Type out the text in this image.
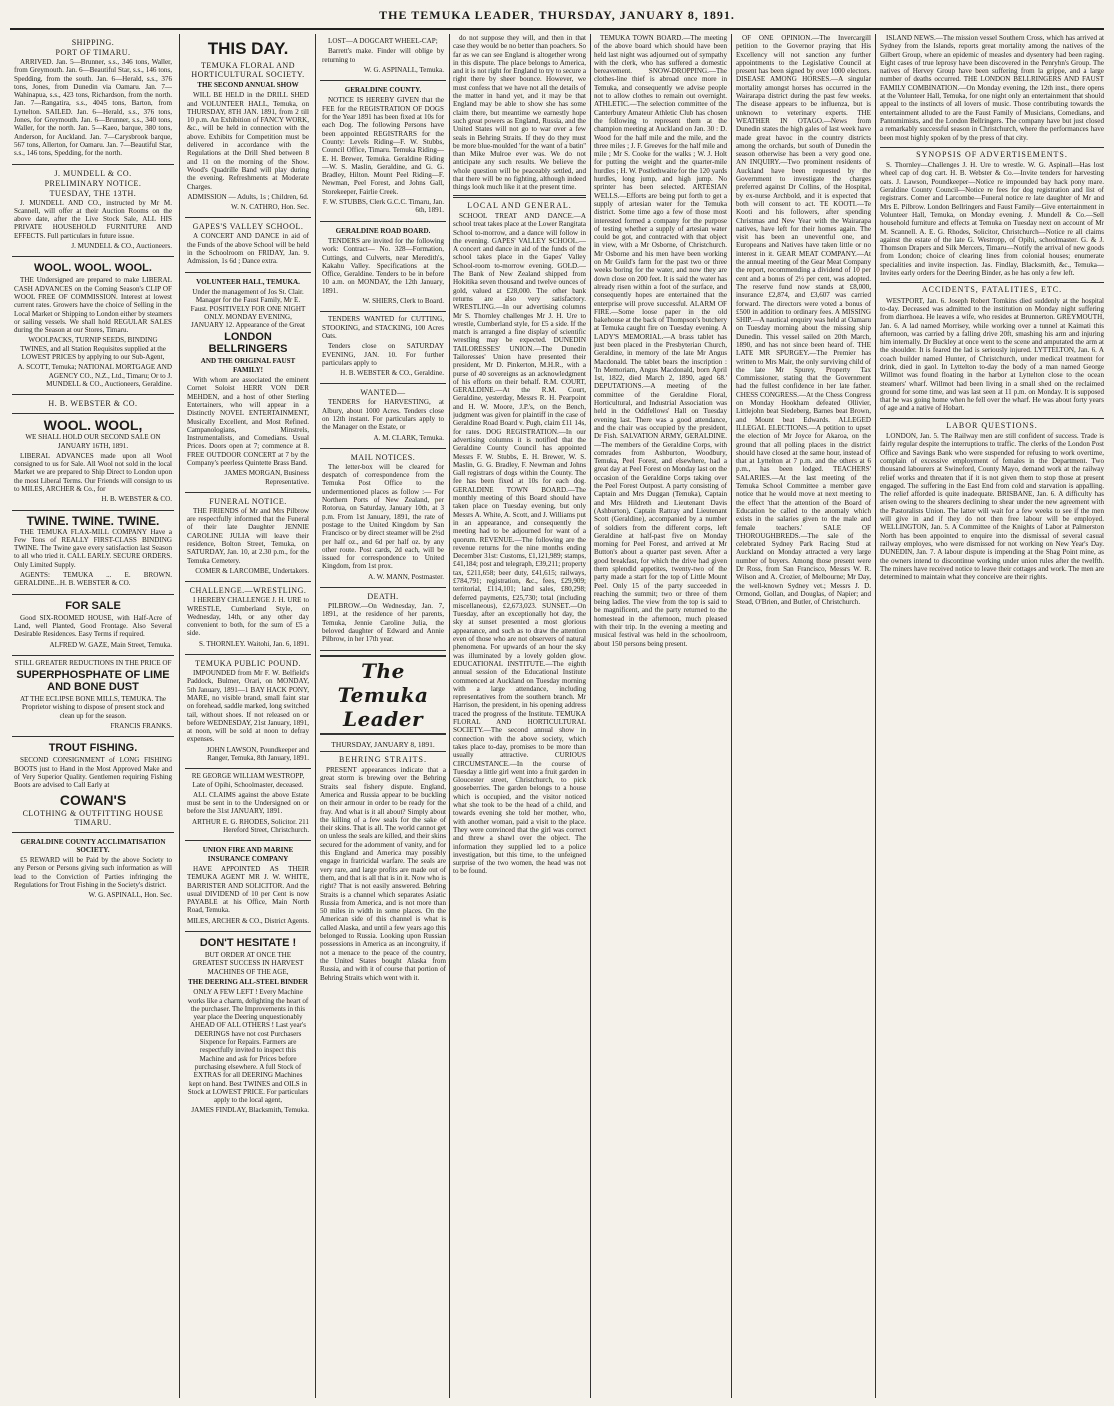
THE TEMUKA LEADER, THURSDAY, JANUARY 8, 1891.
SHIPPING.
PORT OF TIMARU.

ARRIVED. Jan. 5—Brunner, s.s., 346 tons, Waller, from Greymouth. Jan. 6—Beautiful Star, s.s., 146 tons, Spedding, from the south. Jan. 6—Herald, s.s., 376 tons, Jones, from Dunedin via Oamaru. Jan. 7—Wahinapua, s.s., 423 tons, Richardson, from the north. Jan. 7—Rangatira, s.s., 4045 tons, Barton, from Lyttelton. SAILED. Jan. 6—Herald, s.s., 376 tons, Jones, for Greymouth. Jan. 6—Brunner, s.s., 340 tons, Waller, for the north. Jan. 5—Kaeo, barque, 380 tons, Anderson, for Auckland. Jan. 7—Carysbrook barque, 567 tons, Allerton, for Oamaru. Jan. 7—Beautiful Star, s.s., 146 tons, Spedding, for the north.

J. MUNDELL & CO.
PRELIMINARY NOTICE.
TUESDAY, THE 13TH.

J. MUNDELL AND CO., instructed by Mr M. Scannell, will offer at their Auction Rooms on the above date, after the Live Stock Sale, ALL HIS PRIVATE HOUSEHOLD FURNITURE AND EFFECTS. Full particulars in future issue.

J. MUNDELL & CO., Auctioneers.

WOOL. WOOL. WOOL.

THE Undersigned are prepared to make LIBERAL CASH ADVANCES on the Coming Season's CLIP OF WOOL FREE OF COMMISSION. Interest at lowest current rates. Growers have the choice of Selling in the Local Market or Shipping to London either by steamers or sailing vessels. We shall hold REGULAR SALES during the Season at our Stores, Timaru.

WOOLPACKS, TURNIP SEEDS, BINDING TWINES, and all Station Requisites supplied at the LOWEST PRICES by applying to our Sub-Agent,

A. SCOTT, Temuka; NATIONAL MORTGAGE AND AGENCY CO., N.Z., Ltd., Timaru; Or to J. MUNDELL & CO., Auctioneers, Geraldine.

H. B. WEBSTER & CO.
WOOL. WOOL,

WE SHALL HOLD OUR SECOND SALE ON JANUARY 16TH, 1891.

LIBERAL ADVANCES made upon all Wool consigned to us for Sale. All Wool not sold in the local Market we are prepared to Ship Direct to London upon the most Liberal Terms. Our Friends will consign to us to MILES, ARCHER & Co., for

H. B. WEBSTER & CO.

TWINE. TWINE. TWINE.

THE TEMUKA FLAX-MILL COMPANY Have a Few Tons of REALLY FIRST-CLASS BINDING TWINE. The Twine gave every satisfaction last Season to all who tried it. CALL EARLY. SECURE ORDERS. Only Limited Supply.

AGENTS: TEMUKA ... E. BROWN. GERALDINE...H. B. WEBSTER & CO.

FOR SALE

Good SIX-ROOMED HOUSE, with Half-Acre of Land, well Planted, Good Frontage. Also Several Desirable Residences. Easy Terms if required.

ALFRED W. GAZE, Main Street, Temuka.

STILL GREATER REDUCTIONS IN THE PRICE OF

SUPERPHOSPHATE OF LIME AND BONE DUST

AT THE ECLIPSE BONE MILLS, TEMUKA. The Proprietor wishing to dispose of present stock and clean up for the season.

FRANCIS FRANKS.

TROUT FISHING.

SECOND CONSIGNMENT of LONG FISHING BOOTS just to Hand in the Most Approved Make and of Very Superior Quality. Gentlemen requiring Fishing Boots are advised to Call Early at

COWAN'S
CLOTHING & OUTFITTING HOUSE TIMARU.
GERALDINE COUNTY ACCLIMATISATION SOCIETY.

£5 REWARD will be Paid by the above Society to any Person or Persons giving such information as will lead to the Conviction of Parties infringing the Regulations for Trout Fishing in the Society's district.

W. G. ASPINALL, Hon. Sec.

THIS DAY.
TEMUKA FLORAL AND HORTICULTURAL SOCIETY.
THE SECOND ANNUAL SHOW

WILL BE HELD in the DRILL SHED and VOLUNTEER HALL, Temuka, on THURSDAY, 8TH JAN. 1891, from 2 till 10 p.m. An Exhibition of FANCY WORK, &c., will be held in connection with the above. Exhibits for Competition must be delivered in accordance with the Regulations at the Drill Shed between 8 and 11 on the morning of the Show. Wood's Quadrille Band will play during the evening. Refreshments at Moderate Charges.

ADMISSION — Adults, 1s ; Children, 6d.

W. N. CATHRO, Hon. Sec.

GAPES'S VALLEY SCHOOL.

A CONCERT AND DANCE in aid of the Funds of the above School will be held in the Schoolroom on FRIDAY, Jan. 9. Admission, 1s 6d ; Dance extra.

VOLUNTEER HALL, TEMUKA.

Under the management of Jos St. Clair. Manager for the Faust Family, Mr E. Faust. POSITIVELY FOR ONE NIGHT ONLY. MONDAY EVENING, JANUARY 12. Appearance of the Great

LONDON BELLRINGERS
AND THE ORIGINAL FAUST FAMILY!

With whom are associated the eminent Cornet Soloist HERR VON DER MEHDEN, and a host of other Sterling Entertainers, who will appear in a Distinctly NOVEL ENTERTAINMENT, Musically Excellent, and Most Refined. Campanologians, Minstrels, Instrumentalists, and Comedians. Usual Prices. Doors open at 7; commence at 8. FREE OUTDOOR CONCERT at 7 by the Company's peerless Quintette Brass Band.

JAMES MORGAN, Business Representative.

FUNERAL NOTICE.

THE FRIENDS of Mr and Mrs Pilbrow are respectfully informed that the Funeral of their late Daughter JENNIE CAROLINE JULIA will leave their residence, Bolton Street, Temuka, on SATURDAY, Jan. 10, at 2.30 p.m., for the Temuka Cemetery.

COMER & LARCOMBE, Undertakers.

CHALLENGE.—WRESTLING.

I HEREBY CHALLENGE J. H. URE to WRESTLE, Cumberland Style, on Wednesday, 14th, or any other day convenient to both, for the sum of £5 a side.

S. THORNLEY. Waitohi, Jan. 6, 1891.

TEMUKA PUBLIC POUND.

IMPOUNDED from Mr F. W. Belfield's Paddock, Bulmer, Orari, on MONDAY, 5th January, 1891—1 BAY HACK PONY, MARE, no visible brand, small faint star on forehead, saddle marked, long switched tail, without shoes. If not released on or before WEDNESDAY, 21st January, 1891, at noon, will be sold at noon to defray expenses.

JOHN LAWSON, Poundkeeper and Ranger, Temuka, 8th January, 1891.

RE GEORGE WILLIAM WESTROPP, Late of Opihi, Schoolmaster, deceased.

ALL CLAIMS against the above Estate must be sent in to the Undersigned on or before the 31st JANUARY, 1891.

ARTHUR E. G. RHODES, Solicitor. 211 Hereford Street, Christchurch.

UNION FIRE AND MARINE INSURANCE COMPANY

HAVE APPOINTED AS THEIR TEMUKA AGENT MR J. W. WHITE, BARRISTER AND SOLICITOR. And the usual DIVIDEND of 10 per Cent is now PAYABLE at his Office, Main North Road, Temuka.

MILES, ARCHER & CO., District Agents.

DON'T HESITATE !

BUT ORDER AT ONCE THE GREATEST SUCCESS IN HARVEST MACHINES OF THE AGE,

THE DEERING ALL-STEEL BINDER

ONLY A FEW LEFT ! Every Machine works like a charm, delighting the heart of the purchaser. The Improvements in this year place the Deering unquestionably AHEAD OF ALL OTHERS ! Last year's DEERINGS have not cost Purchasers Sixpence for Repairs. Farmers are respectfully invited to inspect this Machine and ask for Prices before purchasing elsewhere. A full Stock of EXTRAS for all DEERING Machines kept on hand. Best TWINES and OILS in Stock at LOWEST PRICE. For particulars apply to the local agent,

JAMES FINDLAY, Blacksmith, Temuka.

LOST—A DOGCART WHEEL-CAP;

Barrett's make. Finder will oblige by returning to

W. G. ASPINALL, Temuka.

GERALDINE COUNTY.

NOTICE IS HEREBY GIVEN that the FEE for the REGISTRATION OF DOGS for the Year 1891 has been fixed at 10s for each Dog. The following Persons have been appointed REGISTRARS for the County: Levels Riding—F. W. Stubbs, Council Office, Timaru. Temuka Riding—E. H. Brewer, Temuka. Geraldine Riding—W. S. Maslin, Geraldine, and G. G. Bradley, Hilton. Mount Peel Riding—F. Newman, Peel Forest, and Johns Gall, Storekeeper, Fairlie Creek.

F. W. STUBBS, Clerk G.C.C. Timaru, Jan. 6th, 1891.

GERALDINE ROAD BOARD.

TENDERS are invited for the following work: Contract— No. 328—Formation, Cuttings, and Culverts, near Meredith's, Kakahu Valley. Specifications at the Office, Geraldine. Tenders to be in before 10 a.m. on MONDAY, the 12th January, 1891.

W. SHIERS, Clerk to Board.

TENDERS WANTED for CUTTING, STOOKING, and STACKING, 100 Acres Oats.

Tenders close on SATURDAY EVENING, JAN. 10. For further particulars apply to

H. B. WEBSTER & CO., Geraldine.

WANTED—

TENDERS for HARVESTING, at Albury, about 1000 Acres. Tenders close on 12th instant. For particulars apply to the Manager on the Estate, or

A. M. CLARK, Temuka.

MAIL NOTICES.

The letter-box will be cleared for despatch of correspondence from the Temuka Post Office to the undermentioned places as follow :— For Northern Ports of New Zealand, per Rotorua, on Saturday, January 10th, at 3 p.m. From 1st January, 1891, the rate of postage to the United Kingdom by San Francisco or by direct steamer will be 2½d per half oz., and 6d per half oz. by any other route. Post cards, 2d each, will be issued for correspondence to United Kingdom, from 1st prox.

A. W. MANN, Postmaster.

DEATH.

PILBROW.—On Wednesday, Jan. 7, 1891, at the residence of her parents, Temuka, Jennie Caroline Julia, the beloved daughter of Edward and Annie Pilbrow, in her 17th year.

The Temuka Leader
THURSDAY, JANUARY 8, 1891.
BEHRING STRAITS.

PRESENT appearances indicate that a great storm is brewing over the Behring Straits seal fishery dispute. England, America and Russia appear to be buckling on their armour in order to be ready for the fray. And what is it all about? Simply about the killing of a few seals for the sake of their skins. That is all. The world cannot get on unless the seals are killed, and their skins secured for the adornment of vanity, and for this England and America may possibly engage in fratricidal warfare. The seals are very rare, and large profits are made out of them, and that is all that is in it. Now who is right? That is not easily answered. Behring Straits is a channel which separates Asiatic Russia from America, and is not more than 50 miles in width in some places. On the American side of this channel is what is called Alaska, and until a few years ago this belonged to Russia. Looking upon Russian possessions in America as an incongruity, if not a menace to the peace of the country, the United States bought Alaska from Russia, and with it of course that portion of Behring Straits which went with it.

do not suppose they will, and then in that case they would be no better than poachers. So far as we can see England is altogether wrong in this dispute. The place belongs to America, and it is not right for England to try to secure a right there by sheer bounce. However, we must confess that we have not all the details of the matter in hand yet, and it may be that England may be able to show she has some claim there, but meantime we earnestly hope such great powers as England, Russia, and the United States will not go to war over a few seals in Behring Straits. If they do they must be more blue-moulded 'for the want of a batin'' than Mike Mulroe ever was. We do not anticipate any such results. We believe the whole question will be peaceably settled, and that there will be no fighting, although indeed things look much like it at the present time.

LOCAL AND GENERAL.

SCHOOL TREAT AND DANCE.—A school treat takes place at the Lower Rangitata School to-morrow, and a dance will follow in the evening. GAPES' VALLEY SCHOOL.—A concert and dance in aid of the funds of the school takes place in the Gapes' Valley School-room to-morrow evening. GOLD.—The Bank of New Zealand shipped from Hokitika seven thousand and twelve ounces of gold, valued at £28,000. The other bank returns are also very satisfactory. WRESTLING.—In our advertising columns Mr S. Thornley challenges Mr J. H. Ure to wrestle, Cumberland style, for £5 a side. If the match is arranged a fine display of scientific wrestling may be expected. DUNEDIN TAILORESSES' UNION.—The Dunedin Tailoresses' Union have presented their president, Mr D. Pinkerton, M.H.R., with a purse of 40 sovereigns as an acknowledgment of his efforts on their behalf. R.M. COURT, GERALDINE.—At the R.M. Court, Geraldine, yesterday, Messrs R. H. Pearpoint and H. W. Moore, J.P.'s, on the Bench, judgment was given for plaintiff in the case of Geraldine Road Board v. Pugh, claim £11 14s, for rates. DOG REGISTRATION.—In our advertising columns it is notified that the Geraldine County Council has appointed Messrs F. W. Stubbs, E. H. Brewer, W. S. Maslin, G. G. Bradley, F. Newman and Johns Gall registrars of dogs within the County. The fee has been fixed at 10s for each dog. GERALDINE TOWN BOARD.—The monthly meeting of this Board should have taken place on Tuesday evening, but only Messrs A. White, A. Scott, and J. Williams put in an appearance, and consequently the meeting had to be adjourned for want of a quorum. REVENUE.—The following are the revenue returns for the nine months ending December 31st: Customs, £1,121,989; stamps, £41,184; post and telegraph, £39,211; property tax, £211,658; beer duty, £41,615; railways, £784,791; registration, &c., fees, £29,909; territorial, £114,101; land sales, £80,298; deferred payments, £25,730; total (including miscellaneous), £2,673,023. SUNSET.—On Tuesday, after an exceptionally hot day, the sky at sunset presented a most glorious appearance, and such as to draw the attention even of those who are not observers of natural phenomena. For upwards of an hour the sky was illuminated by a lovely golden glow. EDUCATIONAL INSTITUTE.—The eighth annual session of the Educational Institute commenced at Auckland on Tuesday morning with a large attendance, including representatives from the southern branch. Mr Harrison, the president, in his opening address traced the progress of the Institute. TEMUKA FLORAL AND HORTICULTURAL SOCIETY.—The second annual show in connection with the above society, which takes place to-day, promises to be more than usually attractive. CURIOUS CIRCUMSTANCE.—In the course of Tuesday a little girl went into a fruit garden in Gloucester street, Christchurch, to pick gooseberries. The garden belongs to a house which is occupied, and the visitor noticed what she took to be the head of a child, and towards evening she told her mother, who, with another woman, paid a visit to the place. They were convinced that the girl was correct and threw a shawl over the object. The information they supplied led to a police investigation, but this time, to the unfeigned surprise of the two women, the head was not to be found.

TEMUKA TOWN BOARD.—The meeting of the above board which should have been held last night was adjourned out of sympathy with the clerk, who has suffered a domestic bereavement. SNOW-DROPPING.—The clothes-line thief is abroad once more in Temuka, and consequently we advise people not to allow clothes to remain out overnight. ATHLETIC.—The selection committee of the Canterbury Amateur Athletic Club has chosen the following to represent them at the champion meeting at Auckland on Jan. 30 : D. Wood for the half mile and the mile, and the three miles ; J. F. Greeves for the half mile and mile ; Mr S. Cooke for the walks ; W. J. Holt for putting the weight and the quarter-mile hurdles ; H. W. Postlethwaite for the 120 yards hurdles, long jump, and high jump. No sprinter has been selected. ARTESIAN WELLS.—Efforts are being put forth to get a supply of artesian water for the Temuka district. Some time ago a few of those most interested formed a company for the purpose of testing whether a supply of artesian water could be got, and contracted with that object in view, with a Mr Osborne, of Christchurch. Mr Osborne and his men have been working on Mr Guild's farm for the past two or three weeks boring for the water, and now they are down close on 200 feet. It is said the water has already risen within a foot of the surface, and consequently hopes are entertained that the enterprise will prove successful. ALARM OF FIRE.—Some loose paper in the old bakehouse at the back of Thompson's butchery at Temuka caught fire on Tuesday evening. A LADY'S MEMORIAL.—A brass tablet has just been placed in the Presbyterian Church, Geraldine, in memory of the late Mr Angus Macdonald. The tablet bears the inscription : 'In Memoriam, Angus Macdonald, born April 1st, 1822, died March 2, 1890, aged 68.' DEPUTATIONS.—A meeting of the committee of the Geraldine Floral, Horticultural, and Industrial Association was held in the Oddfellows' Hall on Tuesday evening last. There was a good attendance, and the chair was occupied by the president, Dr Fish. SALVATION ARMY, GERALDINE.—The members of the Geraldine Corps, with comrades from Ashburton, Woodbury, Temuka, Peel Forest, and elsewhere, had a great day at Peel Forest on Monday last on the occasion of the Geraldine Corps taking over the Peel Forest Outpost. A party consisting of Captain and Mrs Duggan (Temuka), Captain and Mrs Hildreth and Lieutenant Davis (Ashburton), Captain Rattray and Lieutenant Scott (Geraldine), accompanied by a number of soldiers from the different corps, left Geraldine at half-past five on Monday morning for Peel Forest, and arrived at Mr Button's about a quarter past seven. After a good breakfast, for which the drive had given them splendid appetites, twenty-two of the party made a start for the top of Little Mount Peel. Only 15 of the party succeeded in reaching the summit; two or three of them being ladies. The view from the top is said to be magnificent, and the party returned to the homestead in the afternoon, much pleased with their trip. In the evening a meeting and musical festival was held in the schoolroom, about 150 persons being present.

OF ONE OPINION.—The Invercargill petition to the Governor praying that His Excellency will not sanction any further appointments to the Legislative Council at present has been signed by over 1000 electors. DISEASE AMONG HORSES.—A singular mortality amongst horses has occurred in the Wairarapa district during the past few weeks. The disease appears to be influenza, but is unknown to veterinary experts. THE WEATHER IN OTAGO.—News from Dunedin states the high gales of last week have made great havoc in the country districts among the orchards, but south of Dunedin the season otherwise has been a very good one. AN INQUIRY.—Two prominent residents of Auckland have been requested by the Government to investigate the charges preferred against Dr Collins, of the Hospital, by ex-nurse Archbold, and it is expected that both will consent to act. TE KOOTI.—Te Kooti and his followers, after spending Christmas and New Year with the Wairarapa natives, have left for their homes again. The visit has been an uneventful one, and Europeans and Natives have taken little or no interest in it. GEAR MEAT COMPANY.—At the annual meeting of the Gear Meat Company the report, recommending a dividend of 10 per cent and a bonus of 2½ per cent, was adopted. The reserve fund now stands at £8,000, insurance £2,874, and £3,607 was carried forward. The directors were voted a bonus of £500 in addition to ordinary fees. A MISSING SHIP.—A nautical enquiry was held at Oamaru on Tuesday morning about the missing ship Dunedin. This vessel sailed on 20th March, 1890, and has not since been heard of. THE LATE MR SPURGEY.—The Premier has written to Mrs Mair, the only surviving child of the late Mr Spurey, Property Tax Commissioner, stating that the Government had the fullest confidence in her late father. CHESS CONGRESS.—At the Chess Congress on Monday Hookham defeated Ollivier, Littlejohn beat Siedeberg, Barnes beat Brown, and Mount beat Edwards. ALLEGED ILLEGAL ELECTIONS.—A petition to upset the election of Mr Joyce for Akaroa, on the ground that all polling places in the district should have closed at the same hour, instead of that at Lyttelton at 7 p.m. and the others at 6 p.m., has been lodged. TEACHERS' SALARIES.—At the last meeting of the Temuka School Committee a member gave notice that he would move at next meeting to the effect 'that the attention of the Board of Education be called to the anomaly which exists in the salaries given to the male and female teachers.' SALE OF THOROUGHBREDS.—The sale of the celebrated Sydney Park Racing Stud at Auckland on Monday attracted a very large number of buyers. Among those present were Dr Ross, from San Francisco, Messrs W. R. Wilson and A. Crozier, of Melbourne; Mr Day, the well-known Sydney vet.; Messrs J. D. Ormond, Gollan, and Douglas, of Napier; and Stead, O'Brien, and Butler, of Christchurch.

ISLAND NEWS.—The mission vessel Southern Cross, which has arrived at Sydney from the Islands, reports great mortality among the natives of the Gilbert Group, where an epidemic of measles and dysentery had been raging. Eight cases of true leprosy have been discovered in the Penryhn's Group. The natives of Hervey Group have been suffering from la grippe, and a large number of deaths occurred. THE LONDON BELLRINGERS AND FAUST FAMILY COMBINATION.—On Monday evening, the 12th inst., there opens at the Volunteer Hall, Temuka, for one night only an entertainment that should appeal to the instincts of all lovers of music. Those contributing towards the entertainment alluded to are the Faust Family of Musicians, Comedians, and Pantomimists, and the London Bellringers. The company have but just closed a remarkably successful season in Christchurch, where the performances have been most highly spoken of by the press of that city.

SYNOPSIS OF ADVERTISEMENTS.

S. Thornley—Challenges J. H. Ure to wrestle. W. G. Aspinall—Has lost wheel cap of dog cart. H. B. Webster & Co.—Invite tenders for harvesting oats. J. Lawson, Poundkeeper—Notice re impounded bay hack pony mare. Geraldine County Council—Notice re fees for dog registration and list of registrars. Comer and Larcombe—Funeral notice re late daughter of Mr and Mrs E. Pilbrow. London Bellringers and Faust Family—Give entertainment in Volunteer Hall, Temuka, on Monday evening. J. Mundell & Co.—Sell household furniture and effects at Temuka on Tuesday next on account of Mr M. Scannell. A. E. G. Rhodes, Solicitor, Christchurch—Notice re all claims against the estate of the late G. Westropp, of Opihi, schoolmaster. G. & J. Thomson Drapers and Silk Mercers, Timaru—Notify the arrival of new goods from London; choice of clearing lines from colonial houses; enumerate specialities and invite inspection. Jas. Findlay, Blacksmith, &c., Temuka—Invites early orders for the Deering Binder, as he has only a few left.

ACCIDENTS, FATALITIES, ETC.

WESTPORT, Jan. 6. Joseph Robert Tomkins died suddenly at the hospital to-day. Deceased was admitted to the institution on Monday night suffering from diarrhoea. He leaves a wife, who resides at Brunnerton. GREYMOUTH, Jan. 6. A lad named Morrisey, while working over a tunnel at Kaimati this afternoon, was carried by a falling drive 20ft, smashing his arm and injuring him internally. Dr Buckley at once went to the scene and amputated the arm at the shoulder. It is feared the lad is seriously injured. LYTTELTON, Jan. 6. A coach builder named Hunter, of Christchurch, under medical treatment for drink, died in gaol. In Lyttelton to-day the body of a man named George Willmot was found floating in the harbor at Lyttelton close to the ocean steamers' wharf. Willmot had been living in a small shed on the reclaimed ground for some time, and was last seen at 11 p.m. on Monday. It is supposed that he was going home when he fell over the wharf. He was about forty years of age and a native of Hobart.

LABOR QUESTIONS.

LONDON, Jan. 5. The Railway men are still confident of success. Trade is fairly regular despite the interruptions to traffic. The clerks of the London Post Office and Savings Bank who were suspended for refusing to work overtime, complain of excessive employment of females in the Department. Two thousand labourers at Swineford, County Mayo, demand work at the railway relief works and threaten that if it is not given them to stop those at present engaged. The suffering in the East End from cold and starvation is appalling. The relief afforded is quite inadequate. BRISBANE, Jan. 6. A difficulty has arisen owing to the shearers declining to shear under the new agreement with the Pastoralists Union. The latter will wait for a few weeks to see if the men will give in and if they do not then free labour will be employed. WELLINGTON, Jan. 5. A Committee of the Knights of Labor at Palmerston North has been appointed to enquire into the dismissal of several casual railway employes, who were dismissed for not working on New Year's Day. DUNEDIN, Jan. 7. A labour dispute is impending at the Shag Point mine, as the owners intend to discontinue working under union rules after the twelfth. The miners have received notice to leave their cottages and work. The men are determined to maintain what they conceive are their rights.
